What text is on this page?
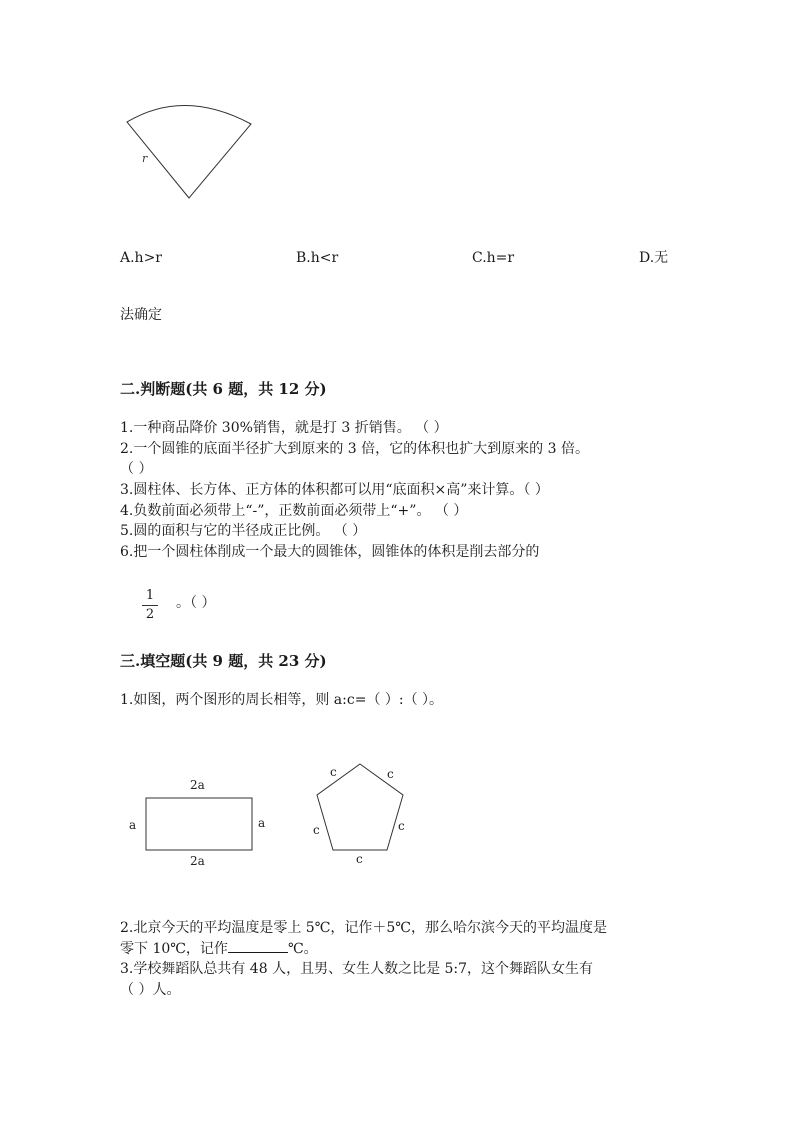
r
A.h>r	B.h<r	C.h=r	D.无
法确定
二.判断题(共 6 题，共 12 分)
1.一种商品降价 30%销售，就是打 3 折销售。 （ ）
2.一个圆锥的底面半径扩大到原来的 3 倍，它的体积也扩大到原来的 3 倍。
（ ）
3.圆柱体、长方体、正方体的体积都可以用“底面积×高”来计算。（ ）
4.负数前面必须带上“-”，正数前面必须带上“+”。 （ ）
5.圆的面积与它的半径成正比例。 （ ）
6.把一个圆柱体削成一个最大的圆锥体，圆锥体的体积是削去部分的
1
2
。（ ）
三.填空题(共 9 题，共 23 分)
1.如图，两个图形的周长相等，则 a:c=（ ）:（ ）。
2a
2a
a	a
c	c
c	c
c
2.北京今天的平均温度是零上 5℃，记作＋5℃，那么哈尔滨今天的平均温度是
零下 10℃，记作	℃。
3.学校舞蹈队总共有 48 人，且男、女生人数之比是 5:7，这个舞蹈队女生有
（ ）人。
